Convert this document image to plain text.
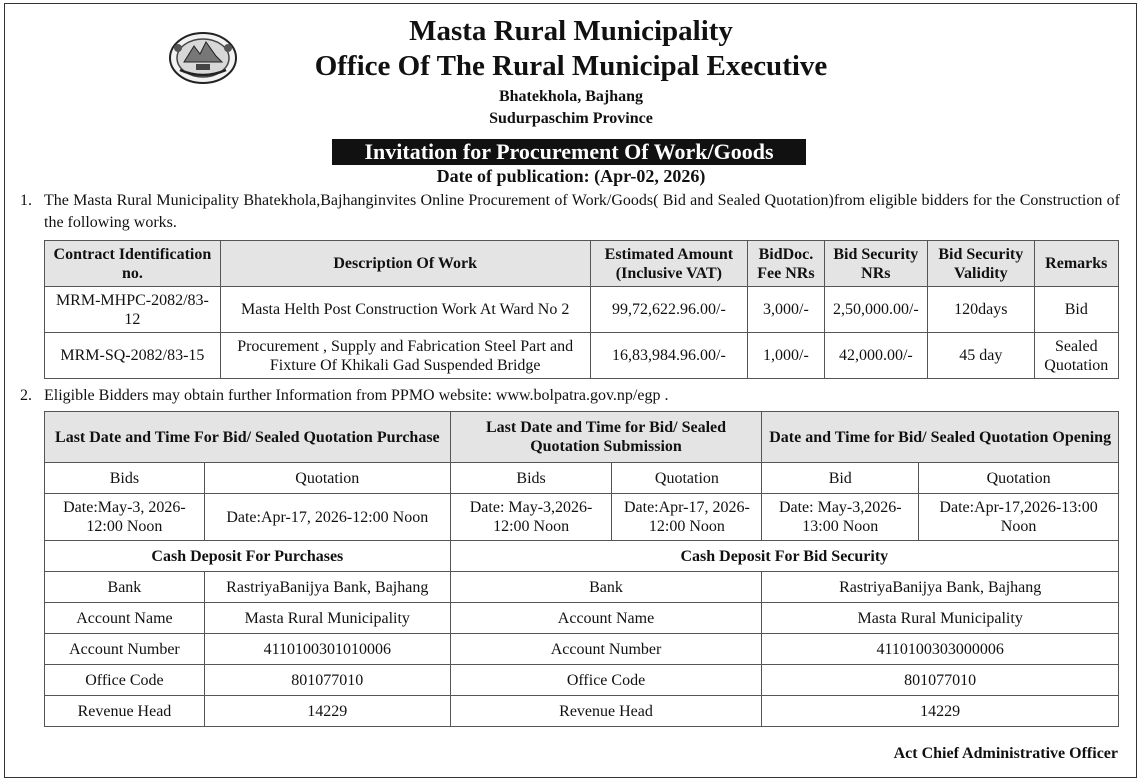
Masta Rural Municipality
Office Of The Rural Municipal Executive
Bhatekhola, Bajhang
Sudurpaschim Province
Invitation for Procurement Of Work/Goods
Date of publication: (Apr-02, 2026)
1. The Masta Rural Municipality Bhatekhola,Bajhanginvites Online Procurement of Work/Goods( Bid and Sealed Quotation)from eligible bidders for the Construction of the following works.
Contract Identification no.	Description Of Work	Estimated Amount (Inclusive VAT)	BidDoc. Fee NRs	Bid Security NRs	Bid Security Validity	Remarks
MRM-MHPC-2082/83-12	Masta Helth Post Construction Work At Ward No 2	99,72,622.96.00/-	3,000/-	2,50,000.00/-	120days	Bid
MRM-SQ-2082/83-15	Procurement , Supply and Fabrication Steel Part and Fixture Of Khikali Gad Suspended Bridge	16,83,984.96.00/-	1,000/-	42,000.00/-	45 day	Sealed Quotation
2. Eligible Bidders may obtain further Information from PPMO website: www.bolpatra.gov.np/egp .
Last Date and Time For Bid/ Sealed Quotation Purchase		Last Date and Time for Bid/ Sealed Quotation Submission		Date and Time for Bid/ Sealed Quotation Opening	
Bids	Quotation	Bids	Quotation	Bid	Quotation
Date:May-3, 2026-12:00 Noon	Date:Apr-17, 2026-12:00 Noon	Date: May-3,2026-12:00 Noon	Date:Apr-17, 2026-12:00 Noon	Date: May-3,2026-13:00 Noon	Date:Apr-17,2026-13:00 Noon
Cash Deposit For Purchases		Cash Deposit For Bid Security			
Bank	RastriyaBanijya Bank, Bajhang	Bank		RastriyaBanijya Bank, Bajhang	
Account Name	Masta Rural Municipality	Account Name		Masta Rural Municipality	
Account Number	4110100301010006	Account Number		4110100303000006	
Office Code	801077010	Office Code		801077010	
Revenue Head	14229	Revenue Head		14229	
Act Chief Administrative Officer
